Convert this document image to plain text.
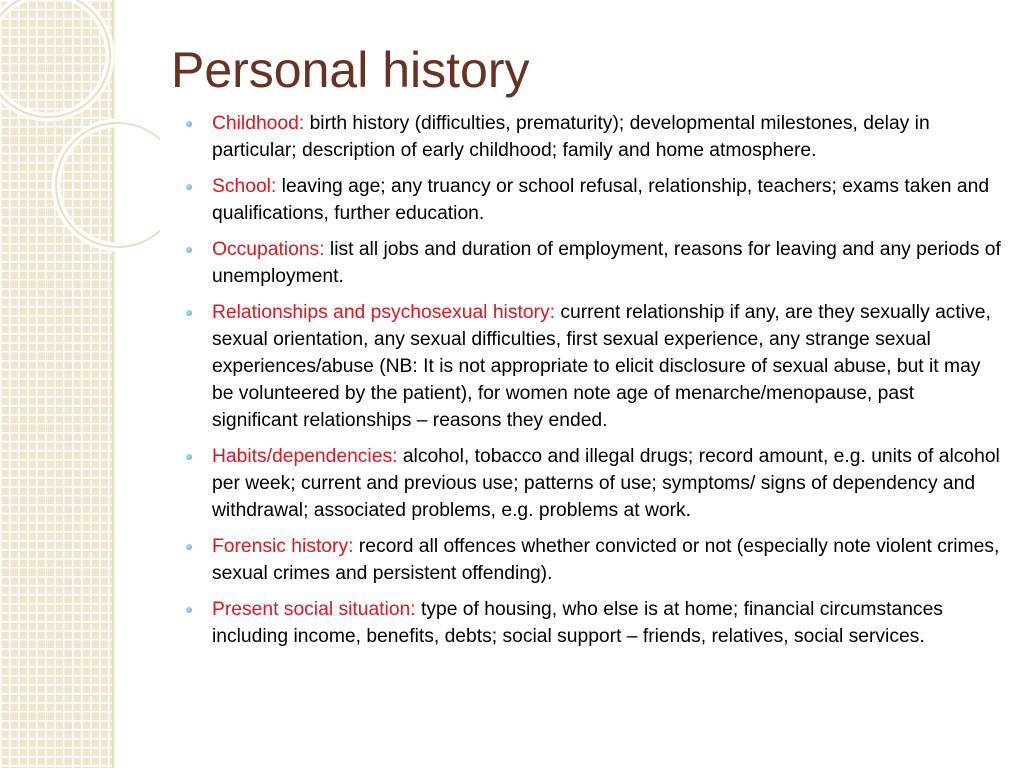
Personal history
Childhood: birth history (difficulties, prematurity); developmental milestones, delay in particular; description of early childhood; family and home atmosphere.
School: leaving age; any truancy or school refusal, relationship, teachers; exams taken and qualifications, further education.
Occupations: list all jobs and duration of employment, reasons for leaving and any periods of unemployment.
Relationships and psychosexual history: current relationship if any, are they sexually active, sexual orientation, any sexual difficulties, first sexual experience, any strange sexual experiences/abuse (NB: It is not appropriate to elicit disclosure of sexual abuse, but it may be volunteered by the patient), for women note age of menarche/menopause, past significant relationships – reasons they ended.
Habits/dependencies: alcohol, tobacco and illegal drugs; record amount, e.g. units of alcohol per week; current and previous use; patterns of use; symptoms/ signs of dependency and withdrawal; associated problems, e.g. problems at work.
Forensic history: record all offences whether convicted or not (especially note violent crimes, sexual crimes and persistent offending).
Present social situation: type of housing, who else is at home; financial circumstances including income, benefits, debts; social support – friends, relatives, social services.
